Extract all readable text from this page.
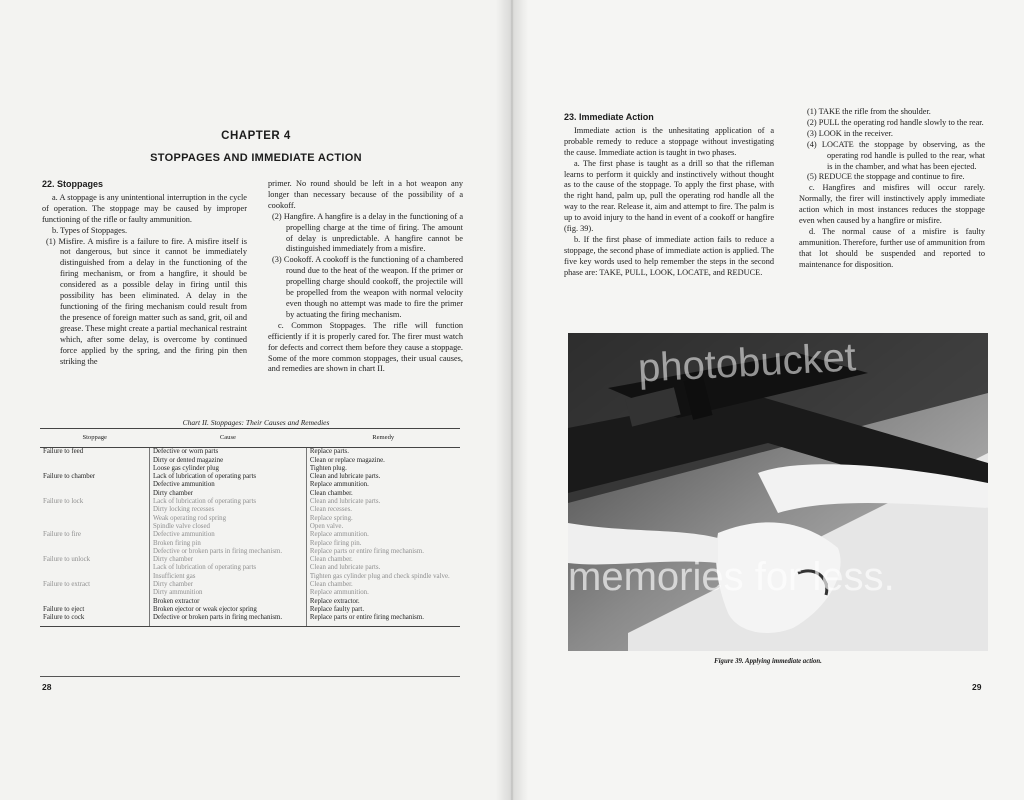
CHAPTER 4
STOPPAGES AND IMMEDIATE ACTION
22. Stoppages

a. A stoppage is any unintentional interruption in the cycle of operation. The stoppage may be caused by improper functioning of the rifle or faulty ammunition.

b. Types of Stoppages.

(1) Misfire. A misfire is a failure to fire. A misfire itself is not dangerous, but since it cannot be immediately distinguished from a delay in the functioning of the firing mechanism, or from a hangfire, it should be considered as a possible delay in firing until this possibility has been eliminated. A delay in the functioning of the firing mechanism could result from the presence of foreign matter such as sand, grit, oil and grease. These might create a partial mechanical restraint which, after some delay, is overcome by continued force applied by the spring, and the firing pin then striking the

primer. No round should be left in a hot weapon any longer than necessary because of the possibility of a cookoff.

(2) Hangfire. A hangfire is a delay in the functioning of a propelling charge at the time of firing. The amount of delay is unpredictable. A hangfire cannot be distinguished immediately from a misfire.

(3) Cookoff. A cookoff is the functioning of a chambered round due to the heat of the weapon. If the primer or propelling charge should cookoff, the projectile will be propelled from the weapon with normal velocity even though no attempt was made to fire the primer by actuating the firing mechanism.

c. Common Stoppages. The rifle will function efficiently if it is properly cared for. The firer must watch for defects and correct them before they cause a stoppage. Some of the more common stoppages, their usual causes, and remedies are shown in chart II.

Chart II. Stoppages: Their Causes and Remedies
Stoppage	Cause	Remedy
Failure to feed	Defective or worn parts	Replace parts.
	Dirty or dented magazine	Clean or replace magazine.
	Loose gas cylinder plug	Tighten plug.
Failure to chamber	Lack of lubrication of operating parts	Clean and lubricate parts.
	Defective ammunition	Replace ammunition.
	Dirty chamber	Clean chamber.
Failure to lock	Lack of lubrication of operating parts	Clean and lubricate parts.
	Dirty locking recesses	Clean recesses.
	Weak operating rod spring	Replace spring.
	Spindle valve closed	Open valve.
Failure to fire	Defective ammunition	Replace ammunition.
	Broken firing pin	Replace firing pin.
	Defective or broken parts in firing mechanism.	Replace parts or entire firing mechanism.
Failure to unlock	Dirty chamber	Clean chamber.
	Lack of lubrication of operating parts	Clean and lubricate parts.
	Insufficient gas	Tighten gas cylinder plug and check spindle valve.
Failure to extract	Dirty chamber	Clean chamber.
	Dirty ammunition	Replace ammunition.
	Broken extractor	Replace extractor.
Failure to eject	Broken ejector or weak ejector spring	Replace faulty part.
Failure to cock	Defective or broken parts in firing mechanism.	Replace parts or entire firing mechanism.
28
23. Immediate Action

Immediate action is the unhesitating application of a probable remedy to reduce a stoppage without investigating the cause. Immediate action is taught in two phases.

a. The first phase is taught as a drill so that the rifleman learns to perform it quickly and instinctively without thought as to the cause of the stoppage. To apply the first phase, with the right hand, palm up, pull the operating rod handle all the way to the rear. Release it, aim and attempt to fire. The palm is up to avoid injury to the hand in event of a cookoff or hangfire (fig. 39).

b. If the first phase of immediate action fails to reduce a stoppage, the second phase of immediate action is applied. The five key words used to help remember the steps in the second phase are: TAKE, PULL, LOOK, LOCATE, and REDUCE.

(1) TAKE the rifle from the shoulder.

(2) PULL the operating rod handle slowly to the rear.

(3) LOOK in the receiver.

(4) LOCATE the stoppage by observing, as the operating rod handle is pulled to the rear, what is in the chamber, and what has been ejected.

(5) REDUCE the stoppage and continue to fire.

c. Hangfires and misfires will occur rarely. Normally, the firer will instinctively apply immediate action which in most instances reduces the stoppage even when caused by a hangfire or misfire.

d. The normal cause of a misfire is faulty ammunition. Therefore, further use of ammunition from that lot should be suspended and reported to maintenance for disposition.

photobucket
memories for less.
Figure 39. Applying immediate action.
29
